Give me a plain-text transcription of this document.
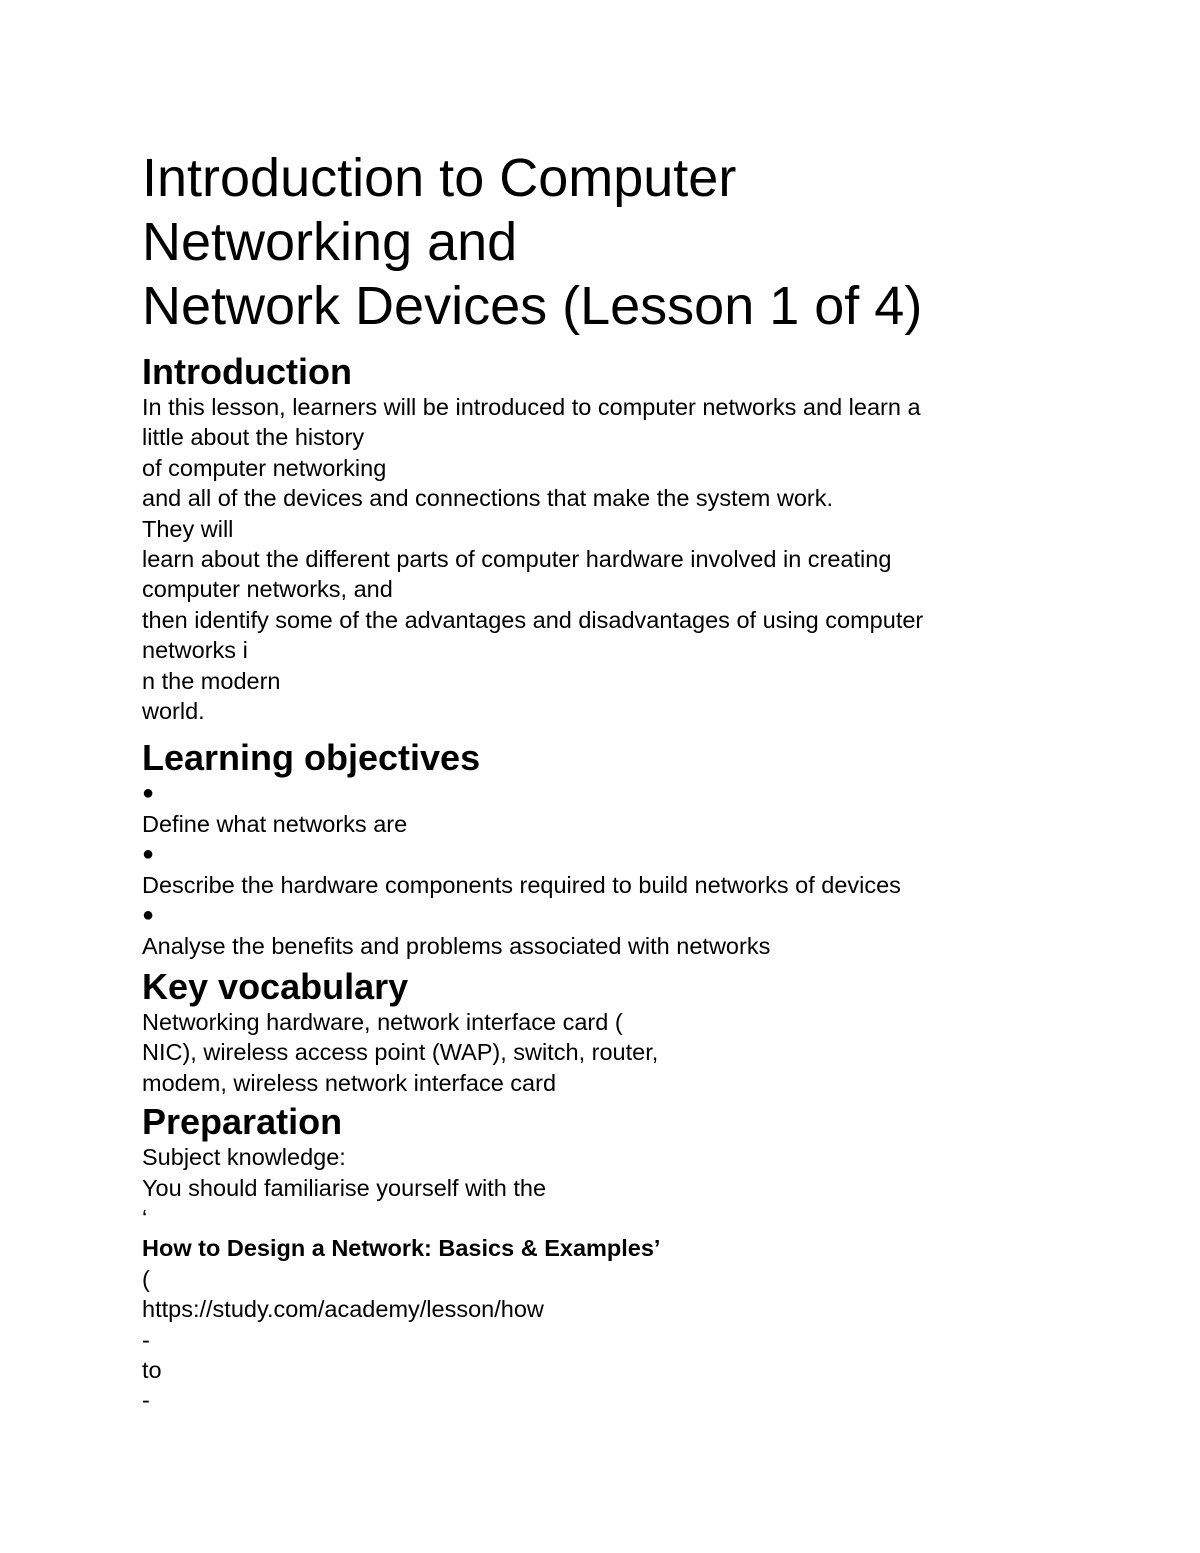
Introduction to Computer

Networking and

Network Devices (Lesson 1 of 4)

Introduction

In this lesson, learners will be introduced to computer networks and learn a

little about the history

of computer networking

and all of the devices and connections that make the system work.

They will

learn about the different parts of computer hardware involved in creating

computer networks, and

then identify some of the advantages and disadvantages of using computer

networks i

n the modern

world.

Learning objectives

●

Define what networks are

●

Describe the hardware components required to build networks of devices

●

Analyse the benefits and problems associated with networks

Key vocabulary

Networking hardware, network interface card (

NIC), wireless access point (WAP), switch, router,

modem, wireless network interface card

Preparation

Subject knowledge:

You should familiarise yourself with the

‘

How to Design a Network: Basics & Examples’

(

https://study.com/academy/lesson/how

-

to

-
